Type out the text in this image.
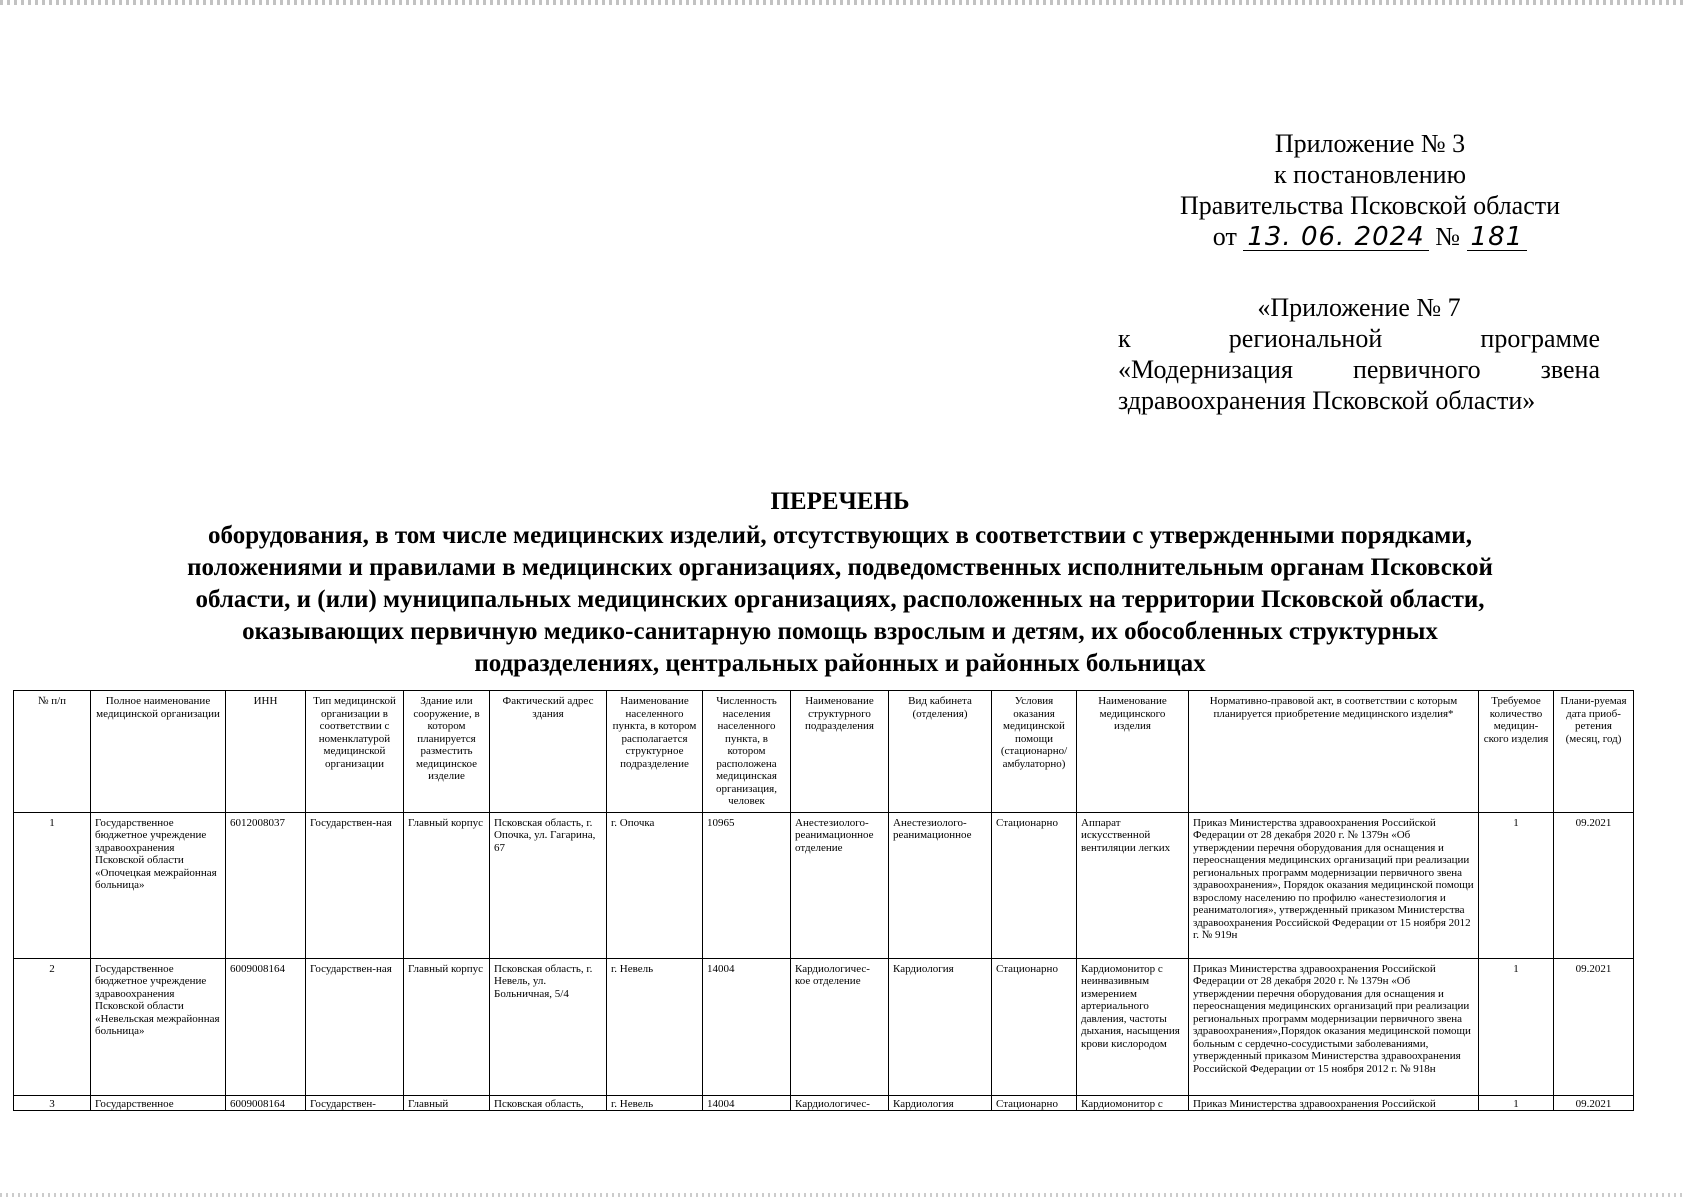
Приложение № 3
к постановлению
Правительства Псковской области
от 13. 06. 2024 № 181
«Приложение № 7
к	региональной	программе
«Модернизация первичного звена
здравоохранения Псковской области»
ПЕРЕЧЕНЬ
оборудования, в том числе медицинских изделий, отсутствующих в соответствии с утвержденными порядками,
положениями и правилами в медицинских организациях, подведомственных исполнительным органам Псковской
области, и (или) муниципальных медицинских организациях, расположенных на территории Псковской области,
оказывающих первичную медико-санитарную помощь взрослым и детям, их обособленных структурных
подразделениях, центральных районных и районных больницах
№ п/п	Полное наименование медицинской организации	ИНН	Тип медицинской организации в соответствии с номенклатурой медицинской организации	Здание или сооружение, в котором планируется разместить медицинское изделие	Фактический адрес здания	Наименование населенного пункта, в котором располагается структурное подразделение	Численность населения населенного пункта, в котором расположена медицинская организация, человек	Наименование структурного подразделения	Вид кабинета (отделения)	Условия оказания медицинской помощи (стационарно/ амбулаторно)	Наименование медицинского изделия	Нормативно-правовой акт, в соответствии с которым планируется приобретение медицинского изделия*	Требуемое количество медицин-ского изделия	Плани-руемая дата приоб-ретения (месяц, год)
1	Государственное бюджетное учреждение здравоохранения Псковской области «Опочецкая межрайонная больница»	6012008037	Государствен-ная	Главный корпус	Псковская область, г. Опочка, ул. Гагарина, 67	г. Опочка	10965	Анестезиолого-реанимационное отделение	Анестезиолого-реанимационное	Стационарно	Аппарат искусственной вентиляции легких	Приказ Министерства здравоохранения Российской Федерации от 28 декабря 2020 г. № 1379н «Об утверждении перечня оборудования для оснащения и переоснащения медицинских организаций при реализации региональных программ модернизации первичного звена здравоохранения», Порядок оказания медицинской помощи взрослому населению по профилю «анестезиология и реаниматология», утвержденный приказом Министерства здравоохранения Российской Федерации от 15 ноября 2012 г. № 919н	1	09.2021
2	Государственное бюджетное учреждение здравоохранения Псковской области «Невельская межрайонная больница»	6009008164	Государствен-ная	Главный корпус	Псковская область, г. Невель, ул. Больничная, 5/4	г. Невель	14004	Кардиологичес-кое отделение	Кардиология	Стационарно	Кардиомонитор с неинвазивным измерением артериального давления, частоты дыхания, насыщения крови кислородом	Приказ Министерства здравоохранения Российской Федерации от 28 декабря 2020 г. № 1379н «Об утверждении перечня оборудования для оснащения и переоснащения медицинских организаций при реализации региональных программ модернизации первичного звена здравоохранения»,Порядок оказания медицинской помощи больным с сердечно-сосудистыми заболеваниями, утвержденный приказом Министерства здравоохранения Российской Федерации от 15 ноября 2012 г. № 918н	1	09.2021
3	Государственное	6009008164	Государствен-	Главный	Псковская область,	г. Невель	14004	Кардиологичес-	Кардиология	Стационарно	Кардиомонитор с	Приказ Министерства здравоохранения Российской	1	09.2021
